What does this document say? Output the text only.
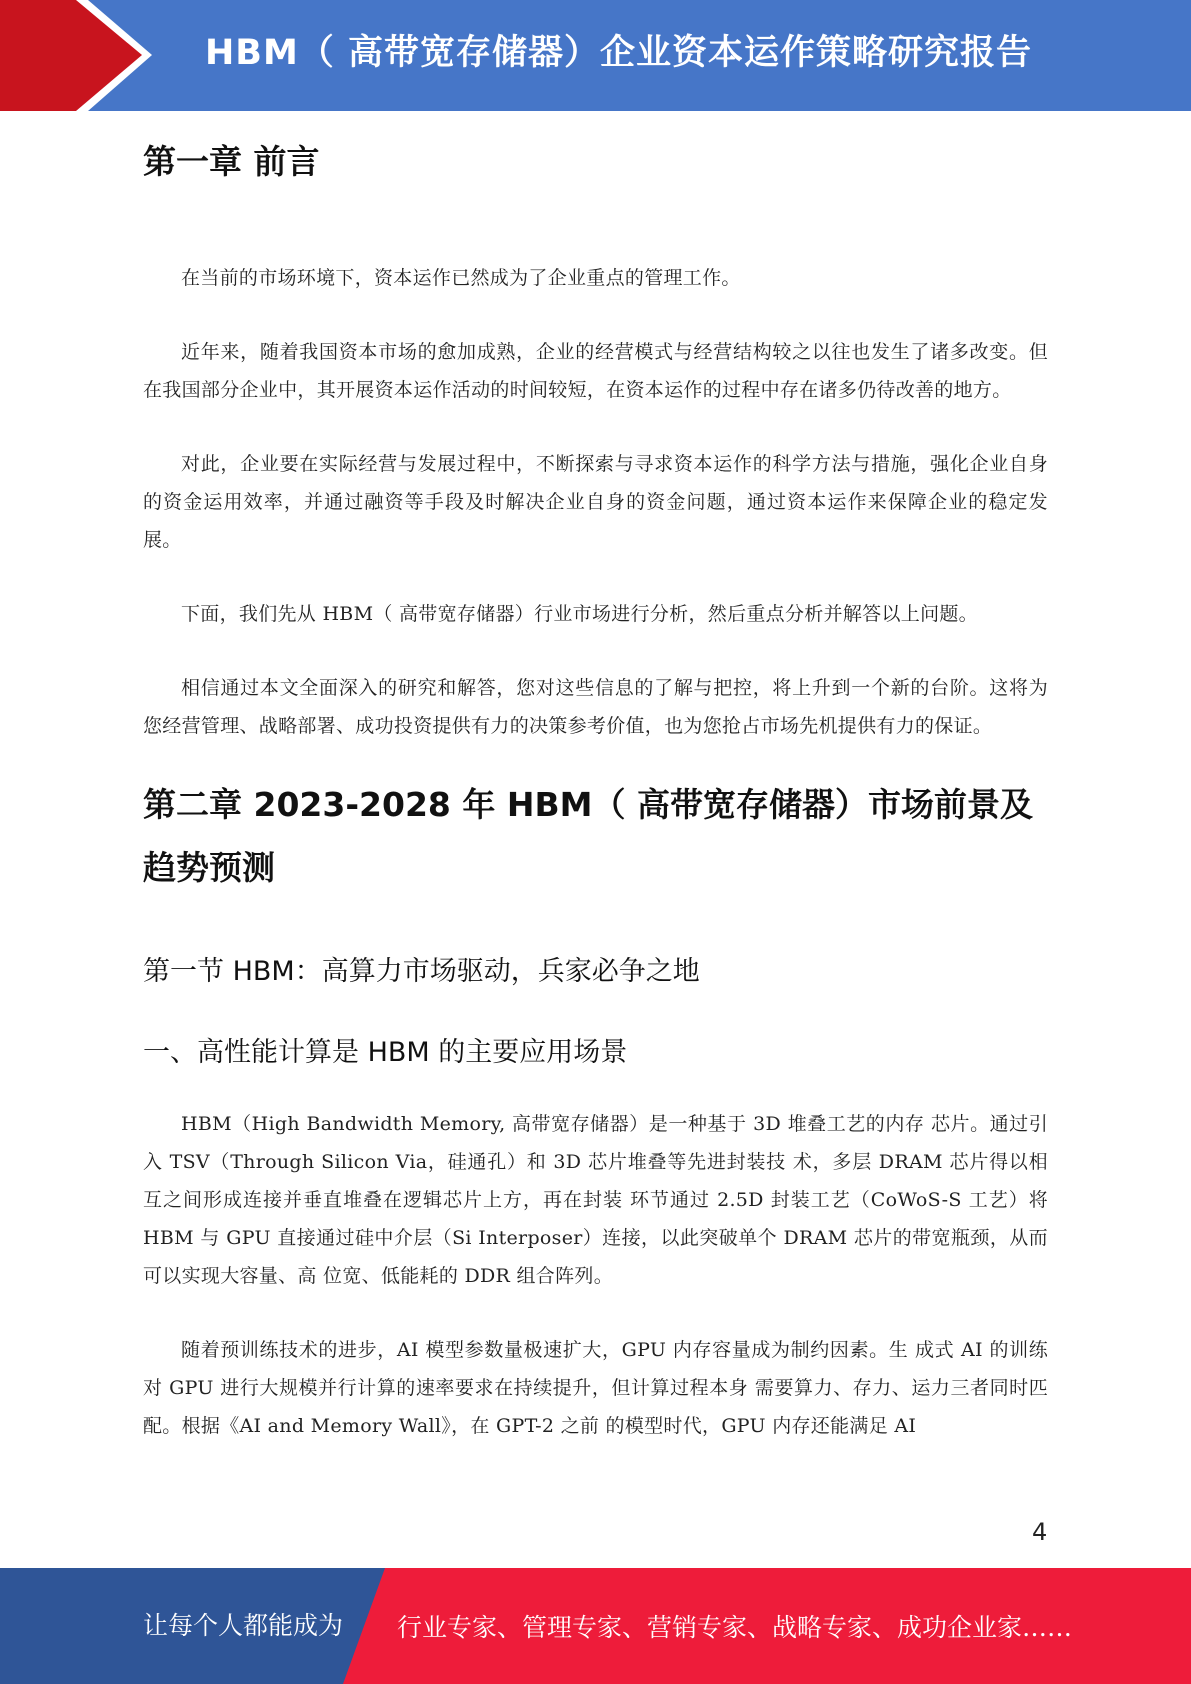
HBM（ 高带宽存储器）企业资本运作策略研究报告
第一章 前言

在当前的市场环境下，资本运作已然成为了企业重点的管理工作。

近年来，随着我国资本市场的愈加成熟，企业的经营模式与经营结构较之以往也发生了诸多改变。但在我国部分企业中，其开展资本运作活动的时间较短，在资本运作的过程中存在诸多仍待改善的地方。

对此，企业要在实际经营与发展过程中，不断探索与寻求资本运作的科学方法与措施，强化企业自身的资金运用效率，并通过融资等手段及时解决企业自身的资金问题，通过资本运作来保障企业的稳定发展。

下面，我们先从 HBM（ 高带宽存储器）行业市场进行分析，然后重点分析并解答以上问题。

相信通过本文全面深入的研究和解答，您对这些信息的了解与把控，将上升到一个新的台阶。这将为您经营管理、战略部署、成功投资提供有力的决策参考价值，也为您抢占市场先机提供有力的保证。

第二章 2023-2028 年 HBM（ 高带宽存储器）市场前景及趋势预测
第一节 HBM：高算力市场驱动，兵家必争之地
一、高性能计算是 HBM 的主要应用场景

HBM（High Bandwidth Memory, 高带宽存储器）是一种基于 3D 堆叠工艺的内存 芯片。通过引入 TSV（Through Silicon Via，硅通孔）和 3D 芯片堆叠等先进封装技 术，多层 DRAM 芯片得以相互之间形成连接并垂直堆叠在逻辑芯片上方，再在封装 环节通过 2.5D 封装工艺（CoWoS-S 工艺）将 HBM 与 GPU 直接通过硅中介层（Si Interposer）连接，以此突破单个 DRAM 芯片的带宽瓶颈，从而可以实现大容量、高 位宽、低能耗的 DDR 组合阵列。

随着预训练技术的进步，AI 模型参数量极速扩大，GPU 内存容量成为制约因素。生 成式 AI 的训练对 GPU 进行大规模并行计算的速率要求在持续提升，但计算过程本身 需要算力、存力、运力三者同时匹配。根据《AI and Memory Wall》，在 GPT-2 之前 的模型时代，GPU 内存还能满足 AI

4
让每个人都能成为 行业专家、管理专家、营销专家、战略专家、成功企业家……
